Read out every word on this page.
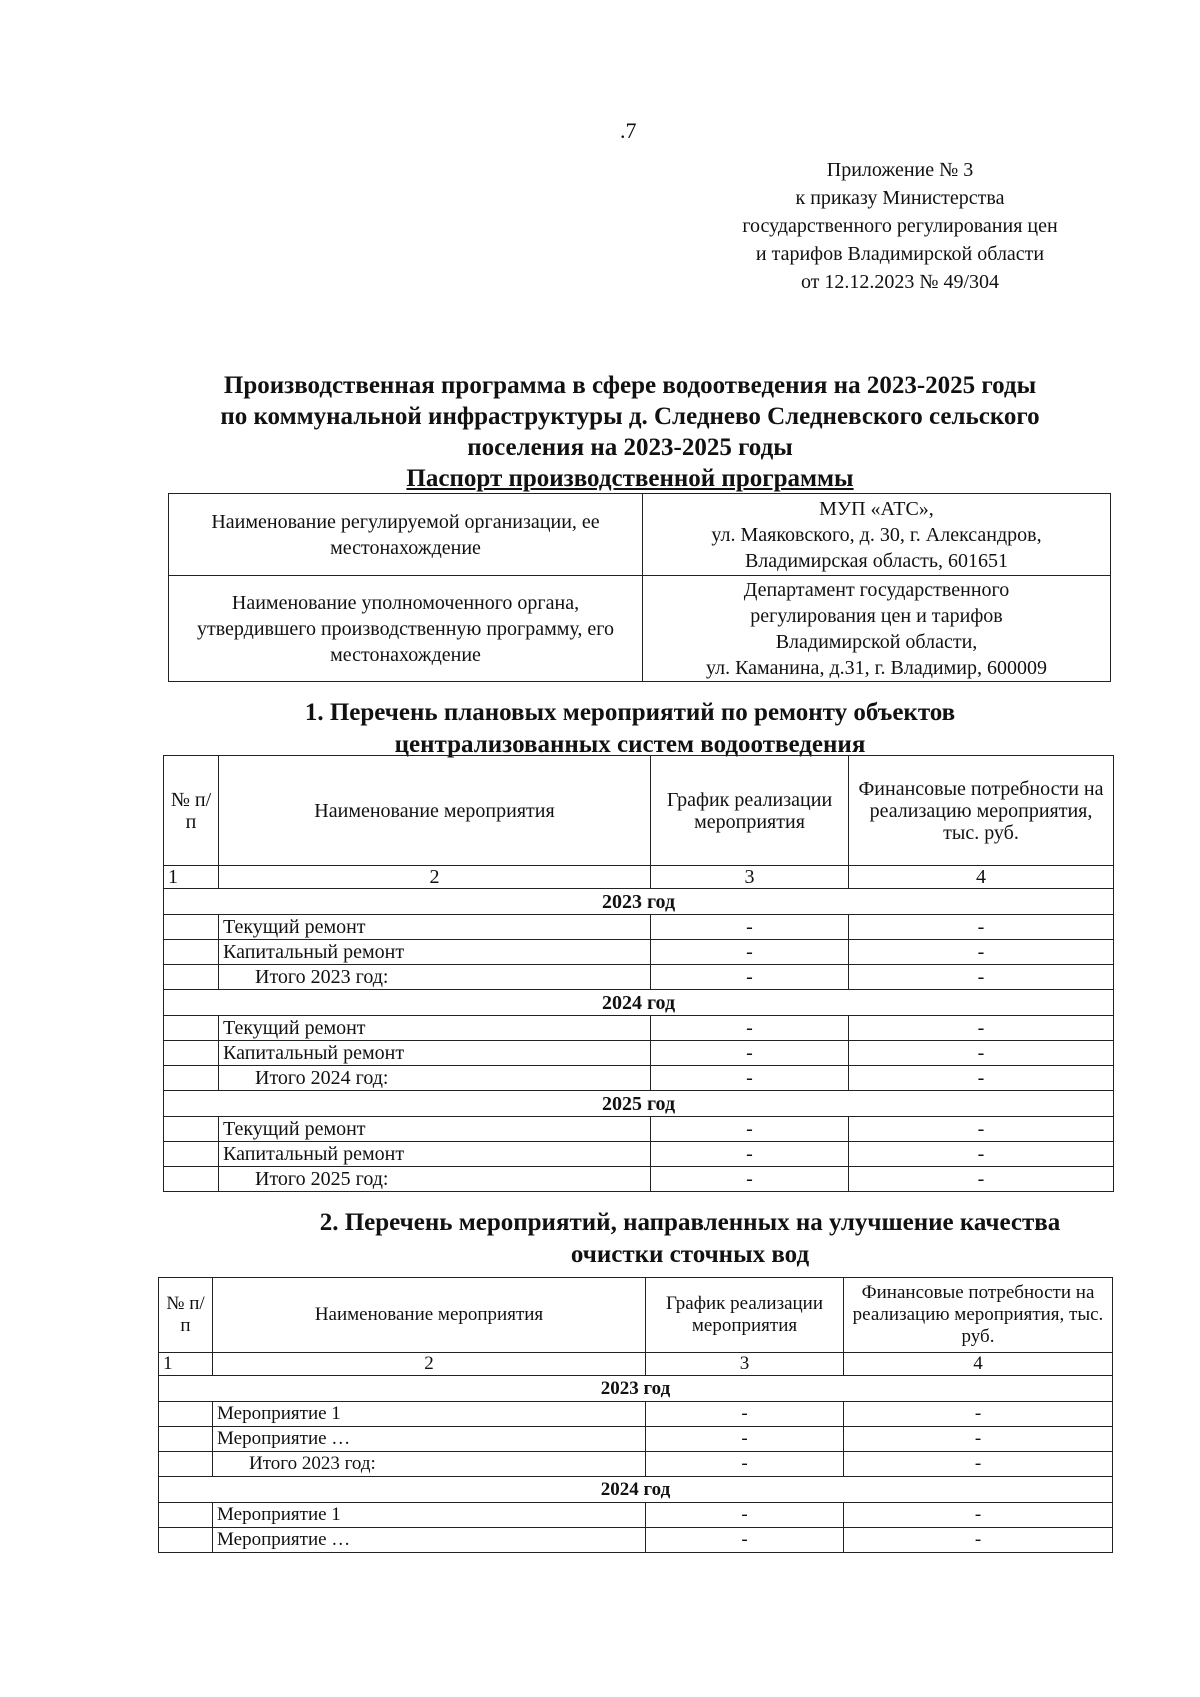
.7
Приложение № 3
к приказу Министерства
государственного регулирования цен
и тарифов Владимирской области
от 12.12.2023 № 49/304
Производственная программа в сфере водоотведения на 2023-2025 годы
по коммунальной инфраструктуры д. Следнево Следневского сельского
поселения на 2023-2025 годы
Паспорт производственной программы
Наименование регулируемой организации, ее местонахождение	МУП «АТС»,
ул. Маяковского, д. 30, г. Александров,
Владимирская область, 601651

Наименование уполномоченного органа, утвердившего производственную программу, его местонахождение	Департамент государственного
регулирования цен и тарифов
Владимирской области,
ул. Каманина, д.31, г. Владимир, 600009
1. Перечень плановых мероприятий по ремонту объектов
централизованных систем водоотведения
№ п/п	Наименование мероприятия	График реализации мероприятия	Финансовые потребности на реализацию мероприятия, тыс. руб.
1	2	3	4
2023 год			
	Текущий ремонт	-	-
	Капитальный ремонт	-	-
	Итого 2023 год:	-	-
2024 год			
	Текущий ремонт	-	-
	Капитальный ремонт	-	-
	Итого 2024 год:	-	-
2025 год			
	Текущий ремонт	-	-
	Капитальный ремонт	-	-
	Итого 2025 год:	-	-
2. Перечень мероприятий, направленных на улучшение качества
очистки сточных вод
№ п/п	Наименование мероприятия	График реализации мероприятия	Финансовые потребности на реализацию мероприятия, тыс. руб.
1	2	3	4
2023 год			
	Мероприятие 1	-	-
	Мероприятие …	-	-
	Итого 2023 год:	-	-
2024 год			
	Мероприятие 1	-	-
	Мероприятие …	-	-
